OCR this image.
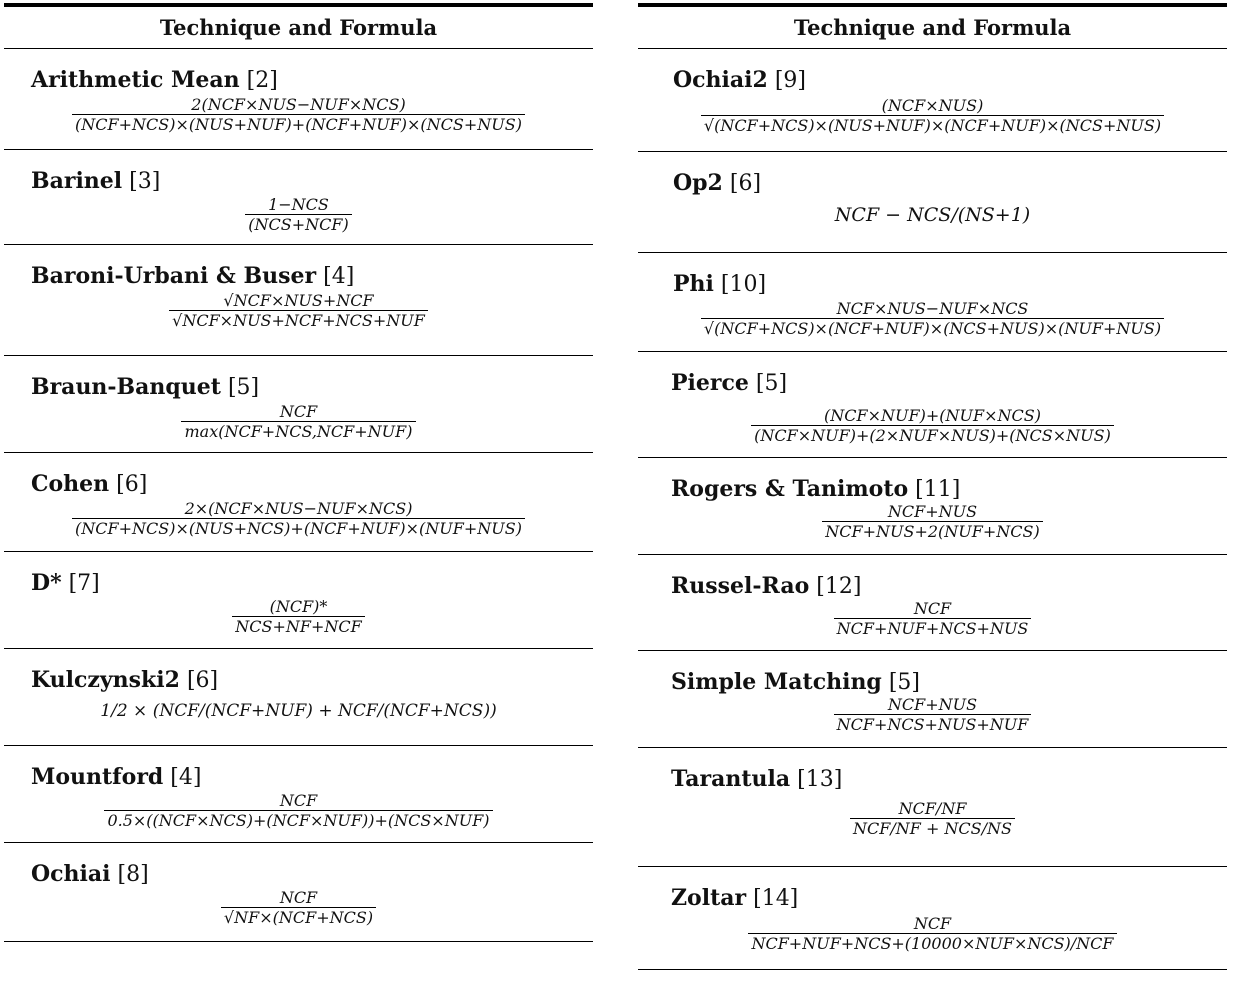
Technique and Formula
Arithmetic Mean [2]
$\frac{\text{2(NCF×NUS−NUF×NCS)}}{\text{(NCF+NCS)×(NUS+NUF)+(NCF+NUF)×(NCS+NUS)}}$
Barinel [3]
$\frac{\text{1−NCS}}{\text{(NCS+NCF)}}$
Baroni-Urbani & Buser [4]
$\frac{\text{√NCF×NUS+NCF}}{\text{√NCF×NUS+NCF+NCS+NUF}}$
Braun-Banquet [5]
$\frac{\text{NCF}}{\text{max(NCF+NCS,NCF+NUF)}}$
Cohen [6]
$\frac{\text{2×(NCF×NUS−NUF×NCS)}}{\text{(NCF+NCS)×(NUS+NCS)+(NCF+NUF)×(NUF+NUS)}}$
D* [7]
$\frac{\text{(NCF)*}}{\text{NCS+NF+NCF}}$
Kulczynski2 [6]
1/2 × (NCF/(NCF+NUF) + NCF/(NCF+NCS))
Mountford [4]
$\frac{\text{NCF}}{\text{0.5×((NCF×NCS)+(NCF×NUF))+(NCS×NUF)}}$
Ochiai [8]
$\frac{\text{NCF}}{\text{√NF×(NCF+NCS)}}$
Technique and Formula
Ochiai2 [9]
$\frac{\text{(NCF×NUS)}}{\text{√(NCF+NCS)×(NUS+NUF)×(NCF+NUF)×(NCS+NUS)}}$
Op2 [6]
NCF − NCS/(NS+1)
Phi [10]
$\frac{\text{NCF×NUS−NUF×NCS}}{\text{√(NCF+NCS)×(NCF+NUF)×(NCS+NUS)×(NUF+NUS)}}$
Pierce [5]
$\frac{\text{(NCF×NUF)+(NUF×NCS)}}{\text{(NCF×NUF)+(2×NUF×NUS)+(NCS×NUS)}}$
Rogers & Tanimoto [11]
$\frac{\text{NCF+NUS}}{\text{NCF+NUS+2(NUF+NCS)}}$
Russel-Rao [12]
$\frac{\text{NCF}}{\text{NCF+NUF+NCS+NUS}}$
Simple Matching [5]
$\frac{\text{NCF+NUS}}{\text{NCF+NCS+NUS+NUF}}$
Tarantula [13]
$\frac{\text{NCF/NF}}{\text{NCF/NF + NCS/NS}}$
Zoltar [14]
$\frac{\text{NCF}}{\text{NCF+NUF+NCS+(10000×NUF×NCS)/NCF}}$
